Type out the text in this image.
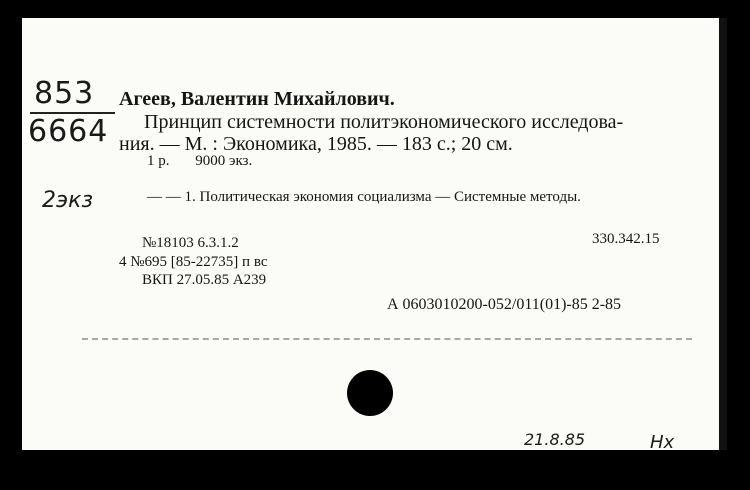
853
6664
2экз
Агеев, Валентин Михайлович.
Принцип системности политэкономического исследова-
ния. — М. : Экономика, 1985. — 183 с.; 20 см.
1 р. 9000 экз.
— — 1. Политическая экономия социализма — Системные методы.
330.342.15
№18103 6.3.1.2
4 №695 [85-22735] п вс
ВКП 27.05.85 А239
А 0603010200-052/011(01)-85 2-85
21.8.85	Нх
